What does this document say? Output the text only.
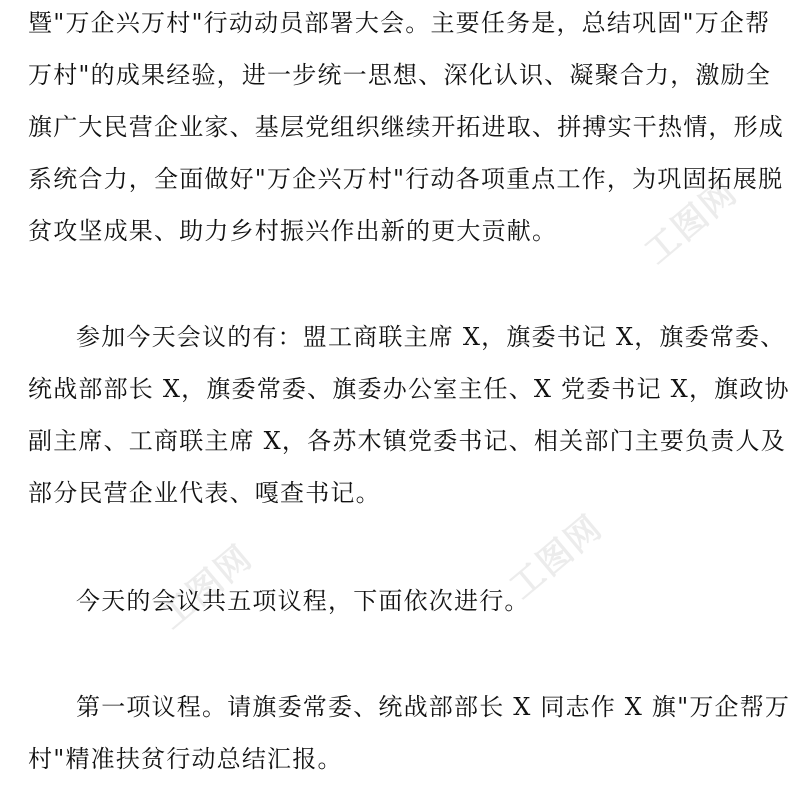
工图网
工图网	工图网

暨"万企兴万村"行动动员部署大会。主要任务是，总结巩固"万企帮

万村"的成果经验，进一步统一思想、深化认识、凝聚合力，激励全

旗广大民营企业家、基层党组织继续开拓进取、拼搏实干热情，形成

系统合力，全面做好"万企兴万村"行动各项重点工作，为巩固拓展脱

贫攻坚成果、助力乡村振兴作出新的更大贡献。

参加今天会议的有：盟工商联主席 X，旗委书记 X，旗委常委、

统战部部长 X，旗委常委、旗委办公室主任、X 党委书记 X，旗政协

副主席、工商联主席 X，各苏木镇党委书记、相关部门主要负责人及

部分民营企业代表、嘎查书记。

今天的会议共五项议程，下面依次进行。

第一项议程。请旗委常委、统战部部长 X 同志作 X 旗"万企帮万

村"精准扶贫行动总结汇报。
